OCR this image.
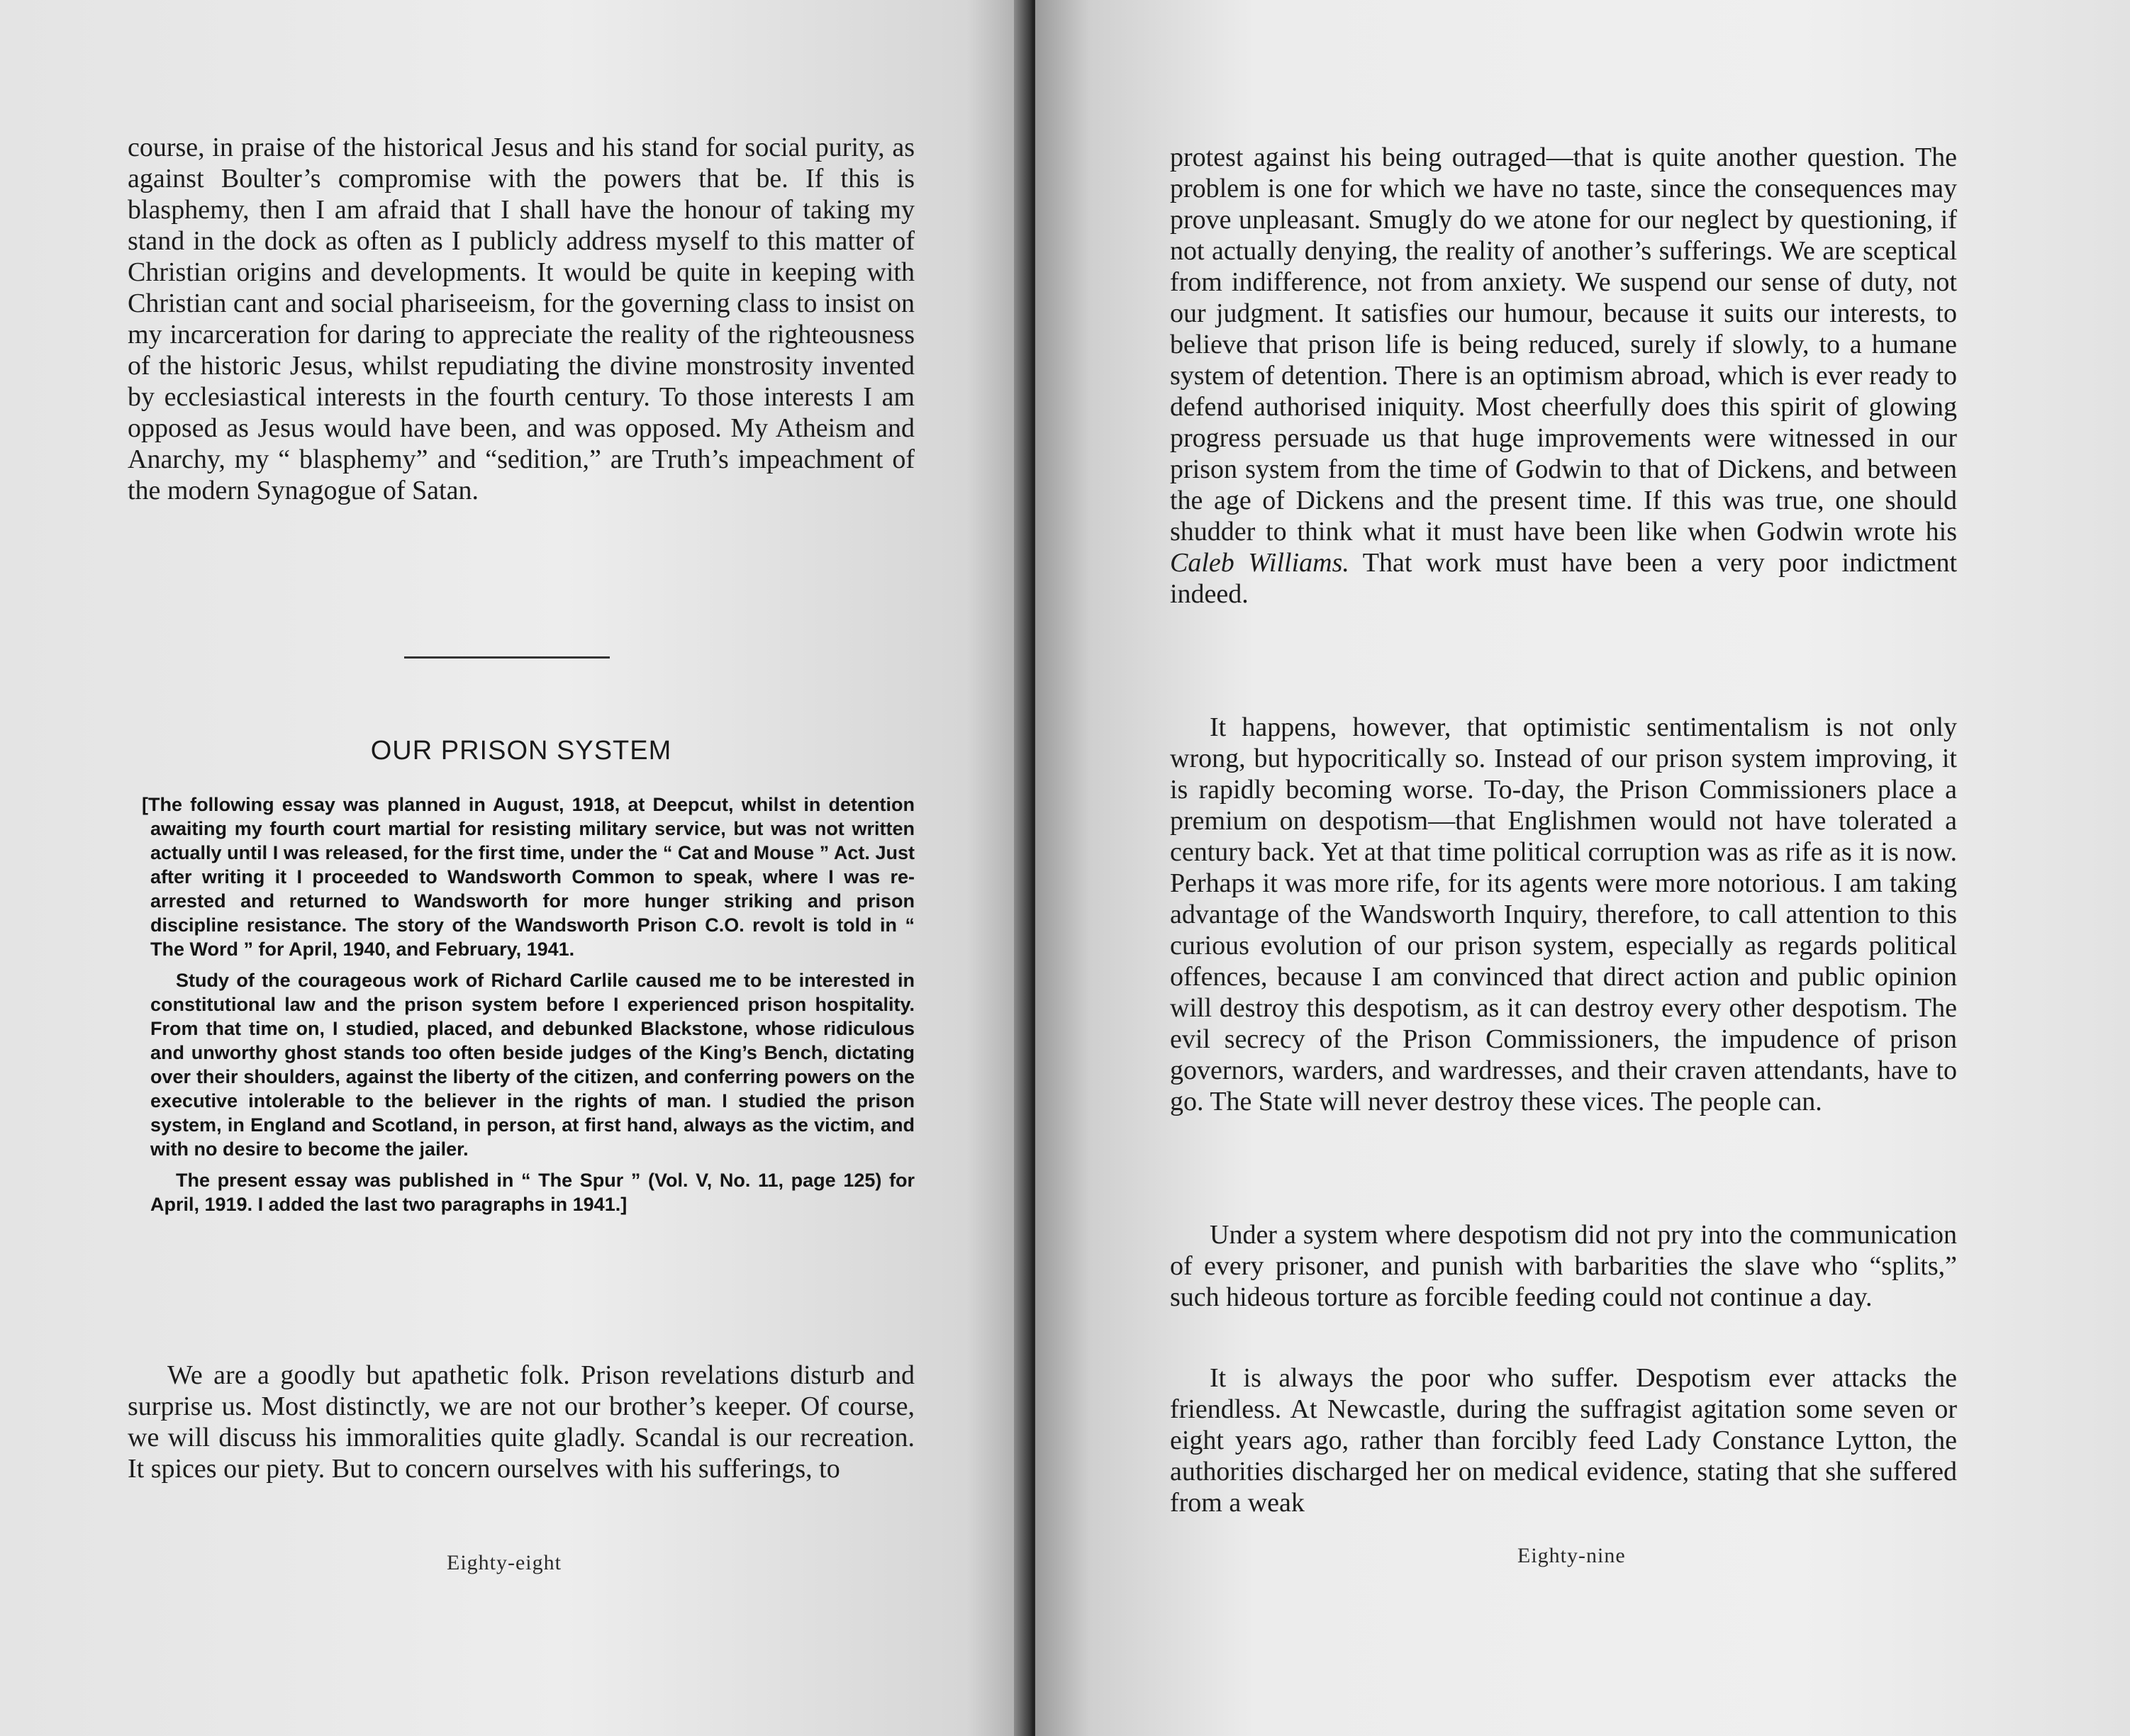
course, in praise of the historical Jesus and his stand for social purity, as against Boulter’s compromise with the powers that be. If this is blasphemy, then I am afraid that I shall have the honour of taking my stand in the dock as often as I publicly address myself to this matter of Christian origins and developments. It would be quite in keeping with Christian cant and social phariseeism, for the governing class to insist on my incarceration for daring to appreciate the reality of the righteousness of the historic Jesus, whilst repudiating the divine monstrosity invented by ecclesiastical interests in the fourth century. To those interests I am opposed as Jesus would have been, and was opposed. My Atheism and Anarchy, my “ blasphemy” and “sedition,” are Truth’s impeachment of the modern Synagogue of Satan.

OUR PRISON SYSTEM

[The following essay was planned in August, 1918, at Deepcut, whilst in detention awaiting my fourth court martial for resisting military service, but was not written actually until I was released, for the first time, under the “ Cat and Mouse ” Act. Just after writing it I proceeded to Wandsworth Common to speak, where I was re-arrested and returned to Wandsworth for more hunger striking and prison discipline resistance. The story of the Wandsworth Prison C.O. revolt is told in “ The Word ” for April, 1940, and February, 1941.

Study of the courageous work of Richard Carlile caused me to be interested in constitutional law and the prison system before I experienced prison hospitality. From that time on, I studied, placed, and debunked Blackstone, whose ridiculous and unworthy ghost stands too often beside judges of the King’s Bench, dictating over their shoulders, against the liberty of the citizen, and conferring powers on the executive intolerable to the believer in the rights of man. I studied the prison system, in England and Scotland, in person, at first hand, always as the victim, and with no desire to become the jailer.

The present essay was published in “ The Spur ” (Vol. V, No. 11, page 125) for April, 1919. I added the last two paragraphs in 1941.]

We are a goodly but apathetic folk. Prison revelations disturb and surprise us. Most distinctly, we are not our brother’s keeper. Of course, we will discuss his immoralities quite gladly. Scandal is our recreation. It spices our piety. But to concern ourselves with his sufferings, to

Eighty-eight

protest against his being outraged—that is quite another question. The problem is one for which we have no taste, since the consequences may prove unpleasant. Smugly do we atone for our neglect by questioning, if not actually denying, the reality of another’s sufferings. We are sceptical from indifference, not from anxiety. We suspend our sense of duty, not our judgment. It satisfies our humour, because it suits our interests, to believe that prison life is being reduced, surely if slowly, to a humane system of detention. There is an optimism abroad, which is ever ready to defend authorised iniquity. Most cheerfully does this spirit of glowing progress persuade us that huge improvements were witnessed in our prison system from the time of Godwin to that of Dickens, and between the age of Dickens and the present time. If this was true, one should shudder to think what it must have been like when Godwin wrote his Caleb Williams. That work must have been a very poor indictment indeed.

It happens, however, that optimistic sentimentalism is not only wrong, but hypocritically so. Instead of our prison system improving, it is rapidly becoming worse. To-day, the Prison Commissioners place a premium on despotism—that Englishmen would not have tolerated a century back. Yet at that time political corruption was as rife as it is now. Perhaps it was more rife, for its agents were more notorious. I am taking advantage of the Wandsworth Inquiry, therefore, to call attention to this curious evolution of our prison system, especially as regards political offences, because I am convinced that direct action and public opinion will destroy this despotism, as it can destroy every other despotism. The evil secrecy of the Prison Commissioners, the impudence of prison governors, warders, and wardresses, and their craven attendants, have to go. The State will never destroy these vices. The people can.

Under a system where despotism did not pry into the communication of every prisoner, and punish with barbarities the slave who “splits,” such hideous torture as forcible feeding could not continue a day.

It is always the poor who suffer. Despotism ever attacks the friendless. At Newcastle, during the suffragist agitation some seven or eight years ago, rather than forcibly feed Lady Constance Lytton, the authorities discharged her on medical evidence, stating that she suffered from a weak

Eighty-nine
